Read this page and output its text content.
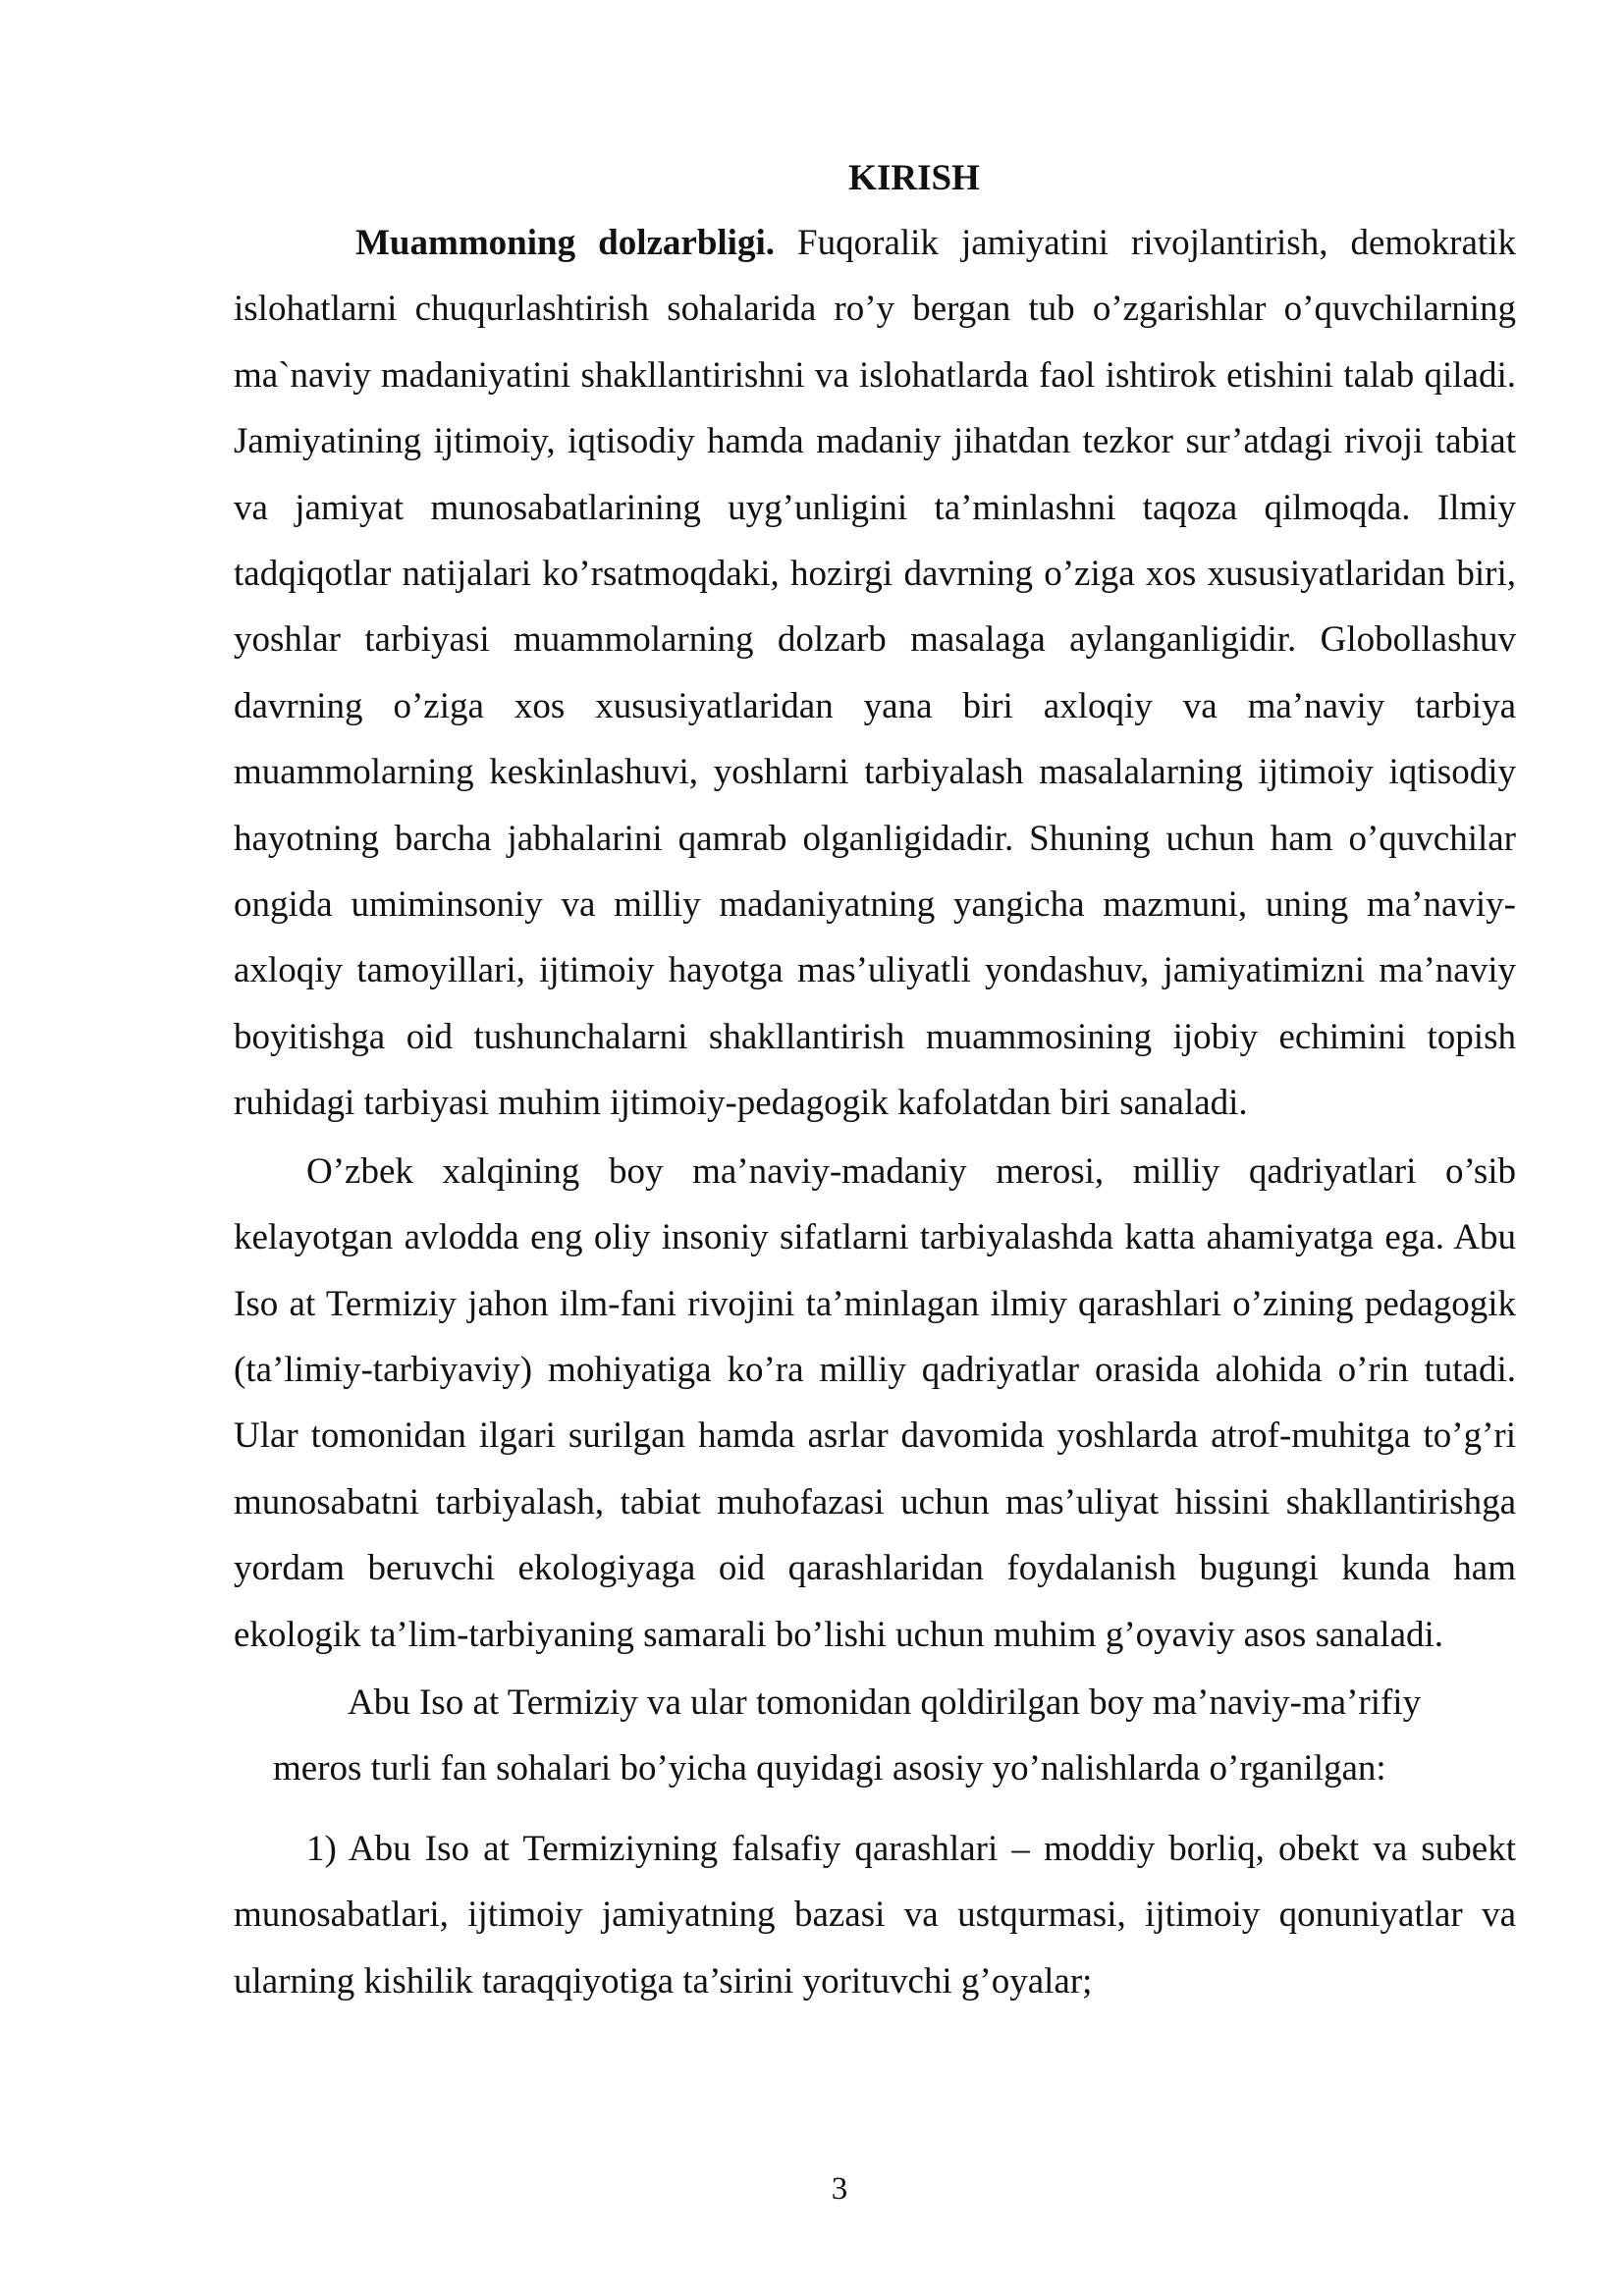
KIRISH

Muammoning dolzarbligi. Fuqoralik jamiyatini rivojlantirish, demokratik islohatlarni chuqurlashtirish sohalarida ro’y bergan tub o’zgarishlar o’quvchilarning ma`naviy madaniyatini shakllantirishni va islohatlarda faol ishtirok etishini talab qiladi. Jamiyatining ijtimoiy, iqtisodiy hamda madaniy jihatdan tezkor sur’atdagi rivoji tabiat va jamiyat munosabatlarining uyg’unligini ta’minlashni taqoza qilmoqda. Ilmiy tadqiqotlar natijalari ko’rsatmoqdaki, hozirgi davrning o’ziga xos xususiyatlaridan biri, yoshlar tarbiyasi muammolarning dolzarb masalaga aylanganligidir. Globollashuv davrning o’ziga xos xususiyatlaridan yana biri axloqiy va ma’naviy tarbiya muammolarning keskinlashuvi, yoshlarni tarbiyalash masalalarning ijtimoiy iqtisodiy hayotning barcha jabhalarini qamrab olganligidadir. Shuning uchun ham o’quvchilar ongida umiminsoniy va milliy madaniyatning yangicha mazmuni, uning ma’naviy-axloqiy tamoyillari, ijtimoiy hayotga mas’uliyatli yondashuv, jamiyatimizni ma’naviy boyitishga oid tushunchalarni shakllantirish muammosining ijobiy echimini topish ruhidagi tarbiyasi muhim ijtimoiy-pedagogik kafolatdan biri sanaladi.

O’zbek xalqining boy ma’naviy-madaniy merosi, milliy qadriyatlari o’sib kelayotgan avlodda eng oliy insoniy sifatlarni tarbiyalashda katta ahamiyatga ega. Abu Iso at Termiziy jahon ilm-fani rivojini ta’minlagan ilmiy qarashlari o’zining pedagogik (ta’limiy-tarbiyaviy) mohiyatiga ko’ra milliy qadriyatlar orasida alohida o’rin tutadi. Ular tomonidan ilgari surilgan hamda asrlar davomida yoshlarda atrof-muhitga to’g’ri munosabatni tarbiyalash, tabiat muhofazasi uchun mas’uliyat hissini shakllantirishga yordam beruvchi ekologiyaga oid qarashlaridan foydalanish bugungi kunda ham ekologik ta’lim-tarbiyaning samarali bo’lishi uchun muhim g’oyaviy asos sanaladi.

Abu Iso at Termiziy va ular tomonidan qoldirilgan boy ma’naviy-ma’rifiy
meros turli fan sohalari bo’yicha quyidagi asosiy yo’nalishlarda o’rganilgan:

1) Abu Iso at Termiziyning falsafiy qarashlari – moddiy borliq, obekt va subekt munosabatlari, ijtimoiy jamiyatning bazasi va ustqurmasi, ijtimoiy qonuniyatlar va ularning kishilik taraqqiyotiga ta’sirini yorituvchi g’oyalar;

3
